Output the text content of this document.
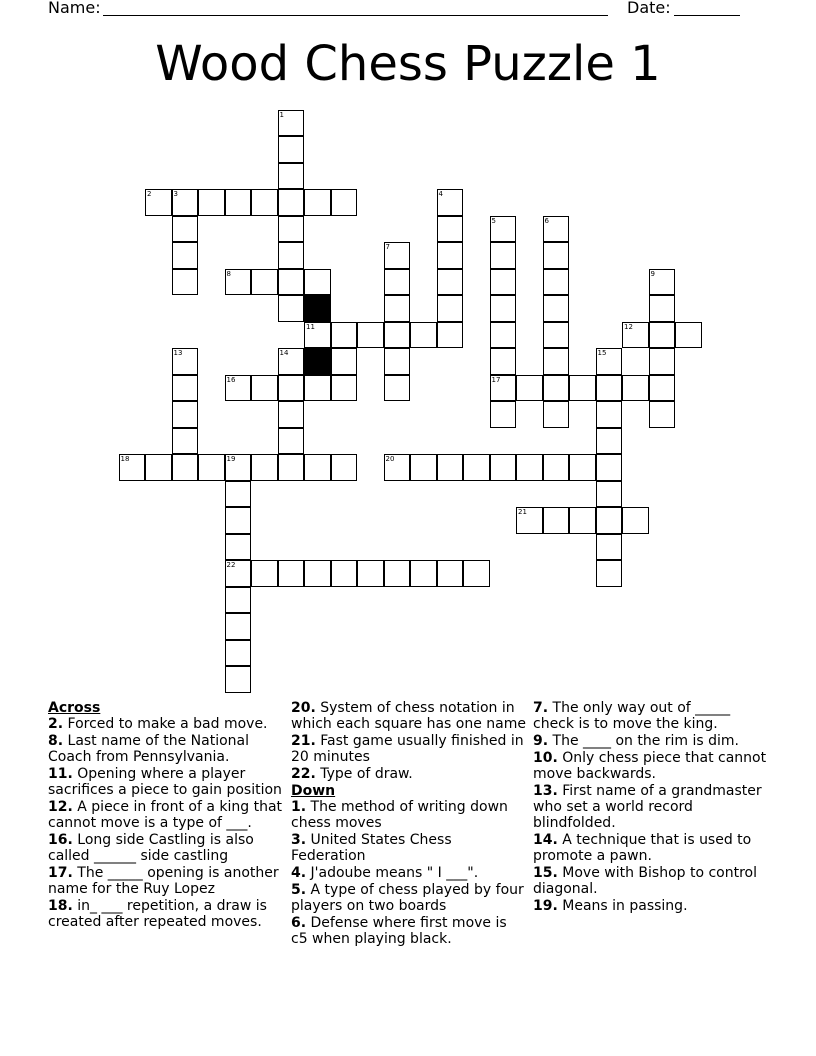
Name:	Date:
Wood Chess Puzzle 1
1
2	3	4
5
17
6
7
8	9
11	12
13	14	15
16
18	19	20
22
21
Across
2. Forced to make a bad move.
8. Last name of the National Coach from Pennsylvania.
11. Opening where a player sacrifices a piece to gain position
12. A piece in front of a king that cannot move is a type of ___.
16. Long side Castling is also called ______ side castling
17. The _____ opening is another name for the Ruy Lopez
18. in_ ___ repetition, a draw is created after repeated moves.
20. System of chess notation in which each square has one name
21. Fast game usually finished in 20 minutes
22. Type of draw.
Down
1. The method of writing down chess moves
3. United States Chess Federation
4. J'adoube means " I ___".
5. A type of chess played by four players on two boards
6. Defense where first move is c5 when playing black.
7. The only way out of _____ check is to move the king.
9. The ____ on the rim is dim.
10. Only chess piece that cannot move backwards.
13. First name of a grandmaster who set a world record blindfolded.
14. A technique that is used to promote a pawn.
15. Move with Bishop to control diagonal.
19. Means in passing.
